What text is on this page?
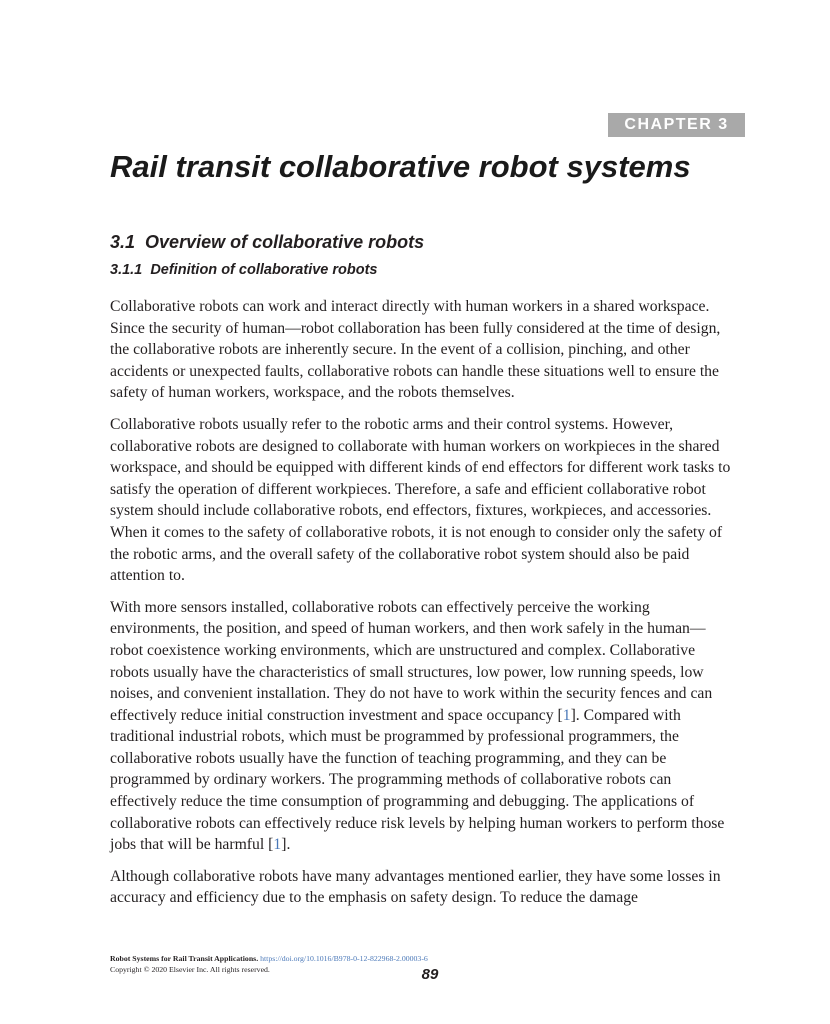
CHAPTER 3
Rail transit collaborative robot systems
3.1 Overview of collaborative robots
3.1.1 Definition of collaborative robots

Collaborative robots can work and interact directly with human workers in a shared workspace. Since the security of human—robot collaboration has been fully considered at the time of design, the collaborative robots are inherently secure. In the event of a collision, pinching, and other accidents or unexpected faults, collaborative robots can handle these situations well to ensure the safety of human workers, workspace, and the robots themselves.

Collaborative robots usually refer to the robotic arms and their control systems. However, collaborative robots are designed to collaborate with human workers on workpieces in the shared workspace, and should be equipped with different kinds of end effectors for different work tasks to satisfy the operation of different workpieces. Therefore, a safe and efficient collaborative robot system should include collaborative robots, end effectors, fixtures, workpieces, and accessories. When it comes to the safety of collaborative robots, it is not enough to consider only the safety of the robotic arms, and the overall safety of the collaborative robot system should also be paid attention to.

With more sensors installed, collaborative robots can effectively perceive the working environments, the position, and speed of human workers, and then work safely in the human—robot coexistence working environments, which are unstructured and complex. Collaborative robots usually have the characteristics of small structures, low power, low running speeds, low noises, and convenient installation. They do not have to work within the security fences and can effectively reduce initial construction investment and space occupancy [1]. Compared with traditional industrial robots, which must be programmed by professional programmers, the collaborative robots usually have the function of teaching programming, and they can be programmed by ordinary workers. The programming methods of collaborative robots can effectively reduce the time consumption of programming and debugging. The applications of collaborative robots can effectively reduce risk levels by helping human workers to perform those jobs that will be harmful [1].

Although collaborative robots have many advantages mentioned earlier, they have some losses in accuracy and efficiency due to the emphasis on safety design. To reduce the damage

Robot Systems for Rail Transit Applications. https://doi.org/10.1016/B978-0-12-822968-2.00003-6
Copyright © 2020 Elsevier Inc. All rights reserved.	89
